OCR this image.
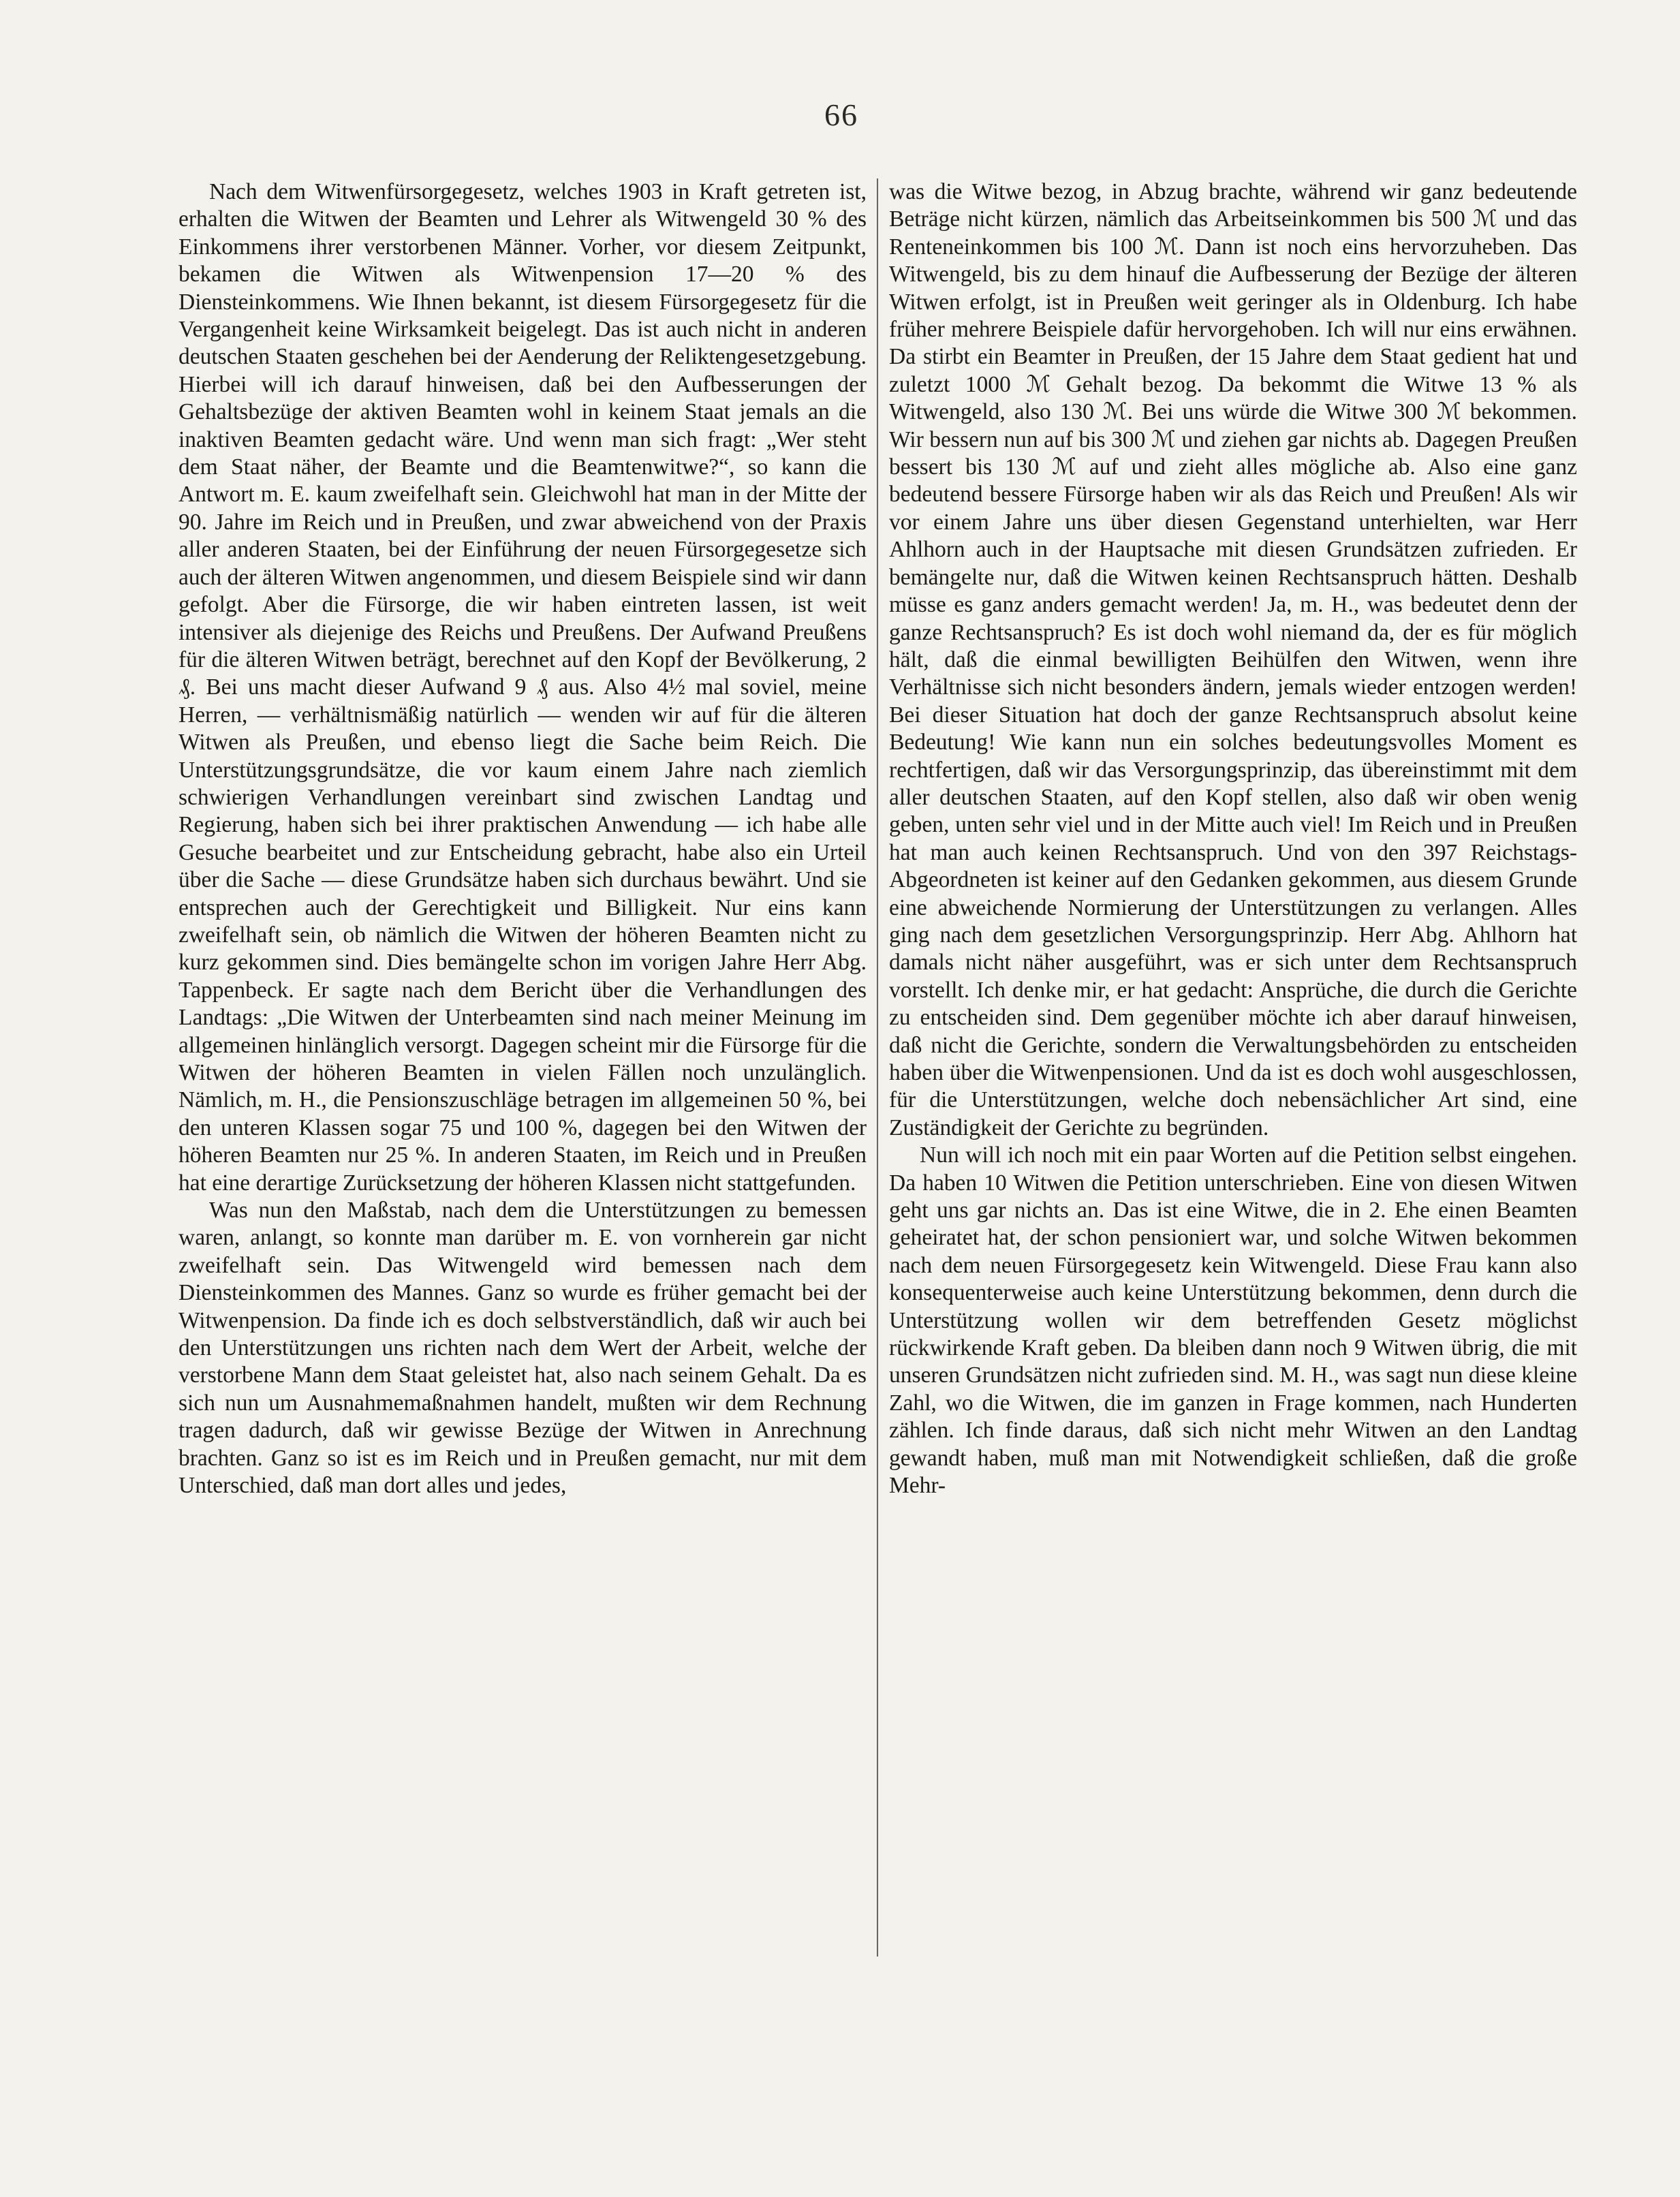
66

Nach dem Witwenfürsorgegesetz, welches 1903 in Kraft getreten ist, erhalten die Witwen der Beamten und Lehrer als Witwengeld 30 % des Einkommens ihrer verstorbenen Männer. Vorher, vor diesem Zeitpunkt, bekamen die Witwen als Witwenpension 17—20 % des Diensteinkommens. Wie Ihnen bekannt, ist diesem Fürsorgegesetz für die Vergangenheit keine Wirksamkeit beigelegt. Das ist auch nicht in anderen deutschen Staaten geschehen bei der Aenderung der Reliktengesetzgebung. Hierbei will ich darauf hinweisen, daß bei den Aufbesserungen der Gehaltsbezüge der aktiven Beamten wohl in keinem Staat jemals an die inaktiven Beamten gedacht wäre. Und wenn man sich fragt: „Wer steht dem Staat näher, der Beamte und die Beamtenwitwe?“, so kann die Antwort m. E. kaum zweifelhaft sein. Gleichwohl hat man in der Mitte der 90. Jahre im Reich und in Preußen, und zwar abweichend von der Praxis aller anderen Staaten, bei der Einführung der neuen Fürsorgegesetze sich auch der älteren Witwen angenommen, und diesem Beispiele sind wir dann gefolgt. Aber die Fürsorge, die wir haben eintreten lassen, ist weit intensiver als diejenige des Reichs und Preußens. Der Aufwand Preußens für die älteren Witwen beträgt, berechnet auf den Kopf der Bevölkerung, 2 ₰. Bei uns macht dieser Aufwand 9 ₰ aus. Also 4½ mal soviel, meine Herren, — verhältnismäßig natürlich — wenden wir auf für die älteren Witwen als Preußen, und ebenso liegt die Sache beim Reich. Die Unterstützungsgrundsätze, die vor kaum einem Jahre nach ziemlich schwierigen Verhandlungen vereinbart sind zwischen Landtag und Regierung, haben sich bei ihrer praktischen Anwendung — ich habe alle Gesuche bearbeitet und zur Entscheidung gebracht, habe also ein Urteil über die Sache — diese Grundsätze haben sich durchaus bewährt. Und sie entsprechen auch der Gerechtigkeit und Billigkeit. Nur eins kann zweifelhaft sein, ob nämlich die Witwen der höheren Beamten nicht zu kurz gekommen sind. Dies bemängelte schon im vorigen Jahre Herr Abg. Tappenbeck. Er sagte nach dem Bericht über die Verhandlungen des Landtags: „Die Witwen der Unterbeamten sind nach meiner Meinung im allgemeinen hinlänglich versorgt. Dagegen scheint mir die Fürsorge für die Witwen der höheren Beamten in vielen Fällen noch unzulänglich. Nämlich, m. H., die Pensionszuschläge betragen im allgemeinen 50 %, bei den unteren Klassen sogar 75 und 100 %, dagegen bei den Witwen der höheren Beamten nur 25 %. In anderen Staaten, im Reich und in Preußen hat eine derartige Zurücksetzung der höheren Klassen nicht stattgefunden.

Was nun den Maßstab, nach dem die Unterstützungen zu bemessen waren, anlangt, so konnte man darüber m. E. von vornherein gar nicht zweifelhaft sein. Das Witwengeld wird bemessen nach dem Diensteinkommen des Mannes. Ganz so wurde es früher gemacht bei der Witwenpension. Da finde ich es doch selbstverständlich, daß wir auch bei den Unterstützungen uns richten nach dem Wert der Arbeit, welche der verstorbene Mann dem Staat geleistet hat, also nach seinem Gehalt. Da es sich nun um Ausnahmemaßnahmen handelt, mußten wir dem Rechnung tragen dadurch, daß wir gewisse Bezüge der Witwen in Anrechnung brachten. Ganz so ist es im Reich und in Preußen gemacht, nur mit dem Unterschied, daß man dort alles und jedes,

was die Witwe bezog, in Abzug brachte, während wir ganz bedeutende Beträge nicht kürzen, nämlich das Arbeitseinkommen bis 500 ℳ und das Renteneinkommen bis 100 ℳ. Dann ist noch eins hervorzuheben. Das Witwengeld, bis zu dem hinauf die Aufbesserung der Bezüge der älteren Witwen erfolgt, ist in Preußen weit geringer als in Oldenburg. Ich habe früher mehrere Beispiele dafür hervorgehoben. Ich will nur eins erwähnen. Da stirbt ein Beamter in Preußen, der 15 Jahre dem Staat gedient hat und zuletzt 1000 ℳ Gehalt bezog. Da bekommt die Witwe 13 % als Witwengeld, also 130 ℳ. Bei uns würde die Witwe 300 ℳ bekommen. Wir bessern nun auf bis 300 ℳ und ziehen gar nichts ab. Dagegen Preußen bessert bis 130 ℳ auf und zieht alles mögliche ab. Also eine ganz bedeutend bessere Fürsorge haben wir als das Reich und Preußen! Als wir vor einem Jahre uns über diesen Gegenstand unterhielten, war Herr Ahlhorn auch in der Hauptsache mit diesen Grundsätzen zufrieden. Er bemängelte nur, daß die Witwen keinen Rechtsanspruch hätten. Deshalb müsse es ganz anders gemacht werden! Ja, m. H., was bedeutet denn der ganze Rechtsanspruch? Es ist doch wohl niemand da, der es für möglich hält, daß die einmal bewilligten Beihülfen den Witwen, wenn ihre Verhältnisse sich nicht besonders ändern, jemals wieder entzogen werden! Bei dieser Situation hat doch der ganze Rechtsanspruch absolut keine Bedeutung! Wie kann nun ein solches bedeutungsvolles Moment es rechtfertigen, daß wir das Versorgungsprinzip, das übereinstimmt mit dem aller deutschen Staaten, auf den Kopf stellen, also daß wir oben wenig geben, unten sehr viel und in der Mitte auch viel! Im Reich und in Preußen hat man auch keinen Rechtsanspruch. Und von den 397 Reichstags-Abgeordneten ist keiner auf den Gedanken gekommen, aus diesem Grunde eine abweichende Normierung der Unterstützungen zu verlangen. Alles ging nach dem gesetzlichen Versorgungsprinzip. Herr Abg. Ahlhorn hat damals nicht näher ausgeführt, was er sich unter dem Rechtsanspruch vorstellt. Ich denke mir, er hat gedacht: Ansprüche, die durch die Gerichte zu entscheiden sind. Dem gegenüber möchte ich aber darauf hinweisen, daß nicht die Gerichte, sondern die Verwaltungsbehörden zu entscheiden haben über die Witwenpensionen. Und da ist es doch wohl ausgeschlossen, für die Unterstützungen, welche doch nebensächlicher Art sind, eine Zuständigkeit der Gerichte zu begründen.

Nun will ich noch mit ein paar Worten auf die Petition selbst eingehen. Da haben 10 Witwen die Petition unterschrieben. Eine von diesen Witwen geht uns gar nichts an. Das ist eine Witwe, die in 2. Ehe einen Beamten geheiratet hat, der schon pensioniert war, und solche Witwen bekommen nach dem neuen Fürsorgegesetz kein Witwengeld. Diese Frau kann also konsequenterweise auch keine Unterstützung bekommen, denn durch die Unterstützung wollen wir dem betreffenden Gesetz möglichst rückwirkende Kraft geben. Da bleiben dann noch 9 Witwen übrig, die mit unseren Grundsätzen nicht zufrieden sind. M. H., was sagt nun diese kleine Zahl, wo die Witwen, die im ganzen in Frage kommen, nach Hunderten zählen. Ich finde daraus, daß sich nicht mehr Witwen an den Landtag gewandt haben, muß man mit Notwendigkeit schließen, daß die große Mehr-
